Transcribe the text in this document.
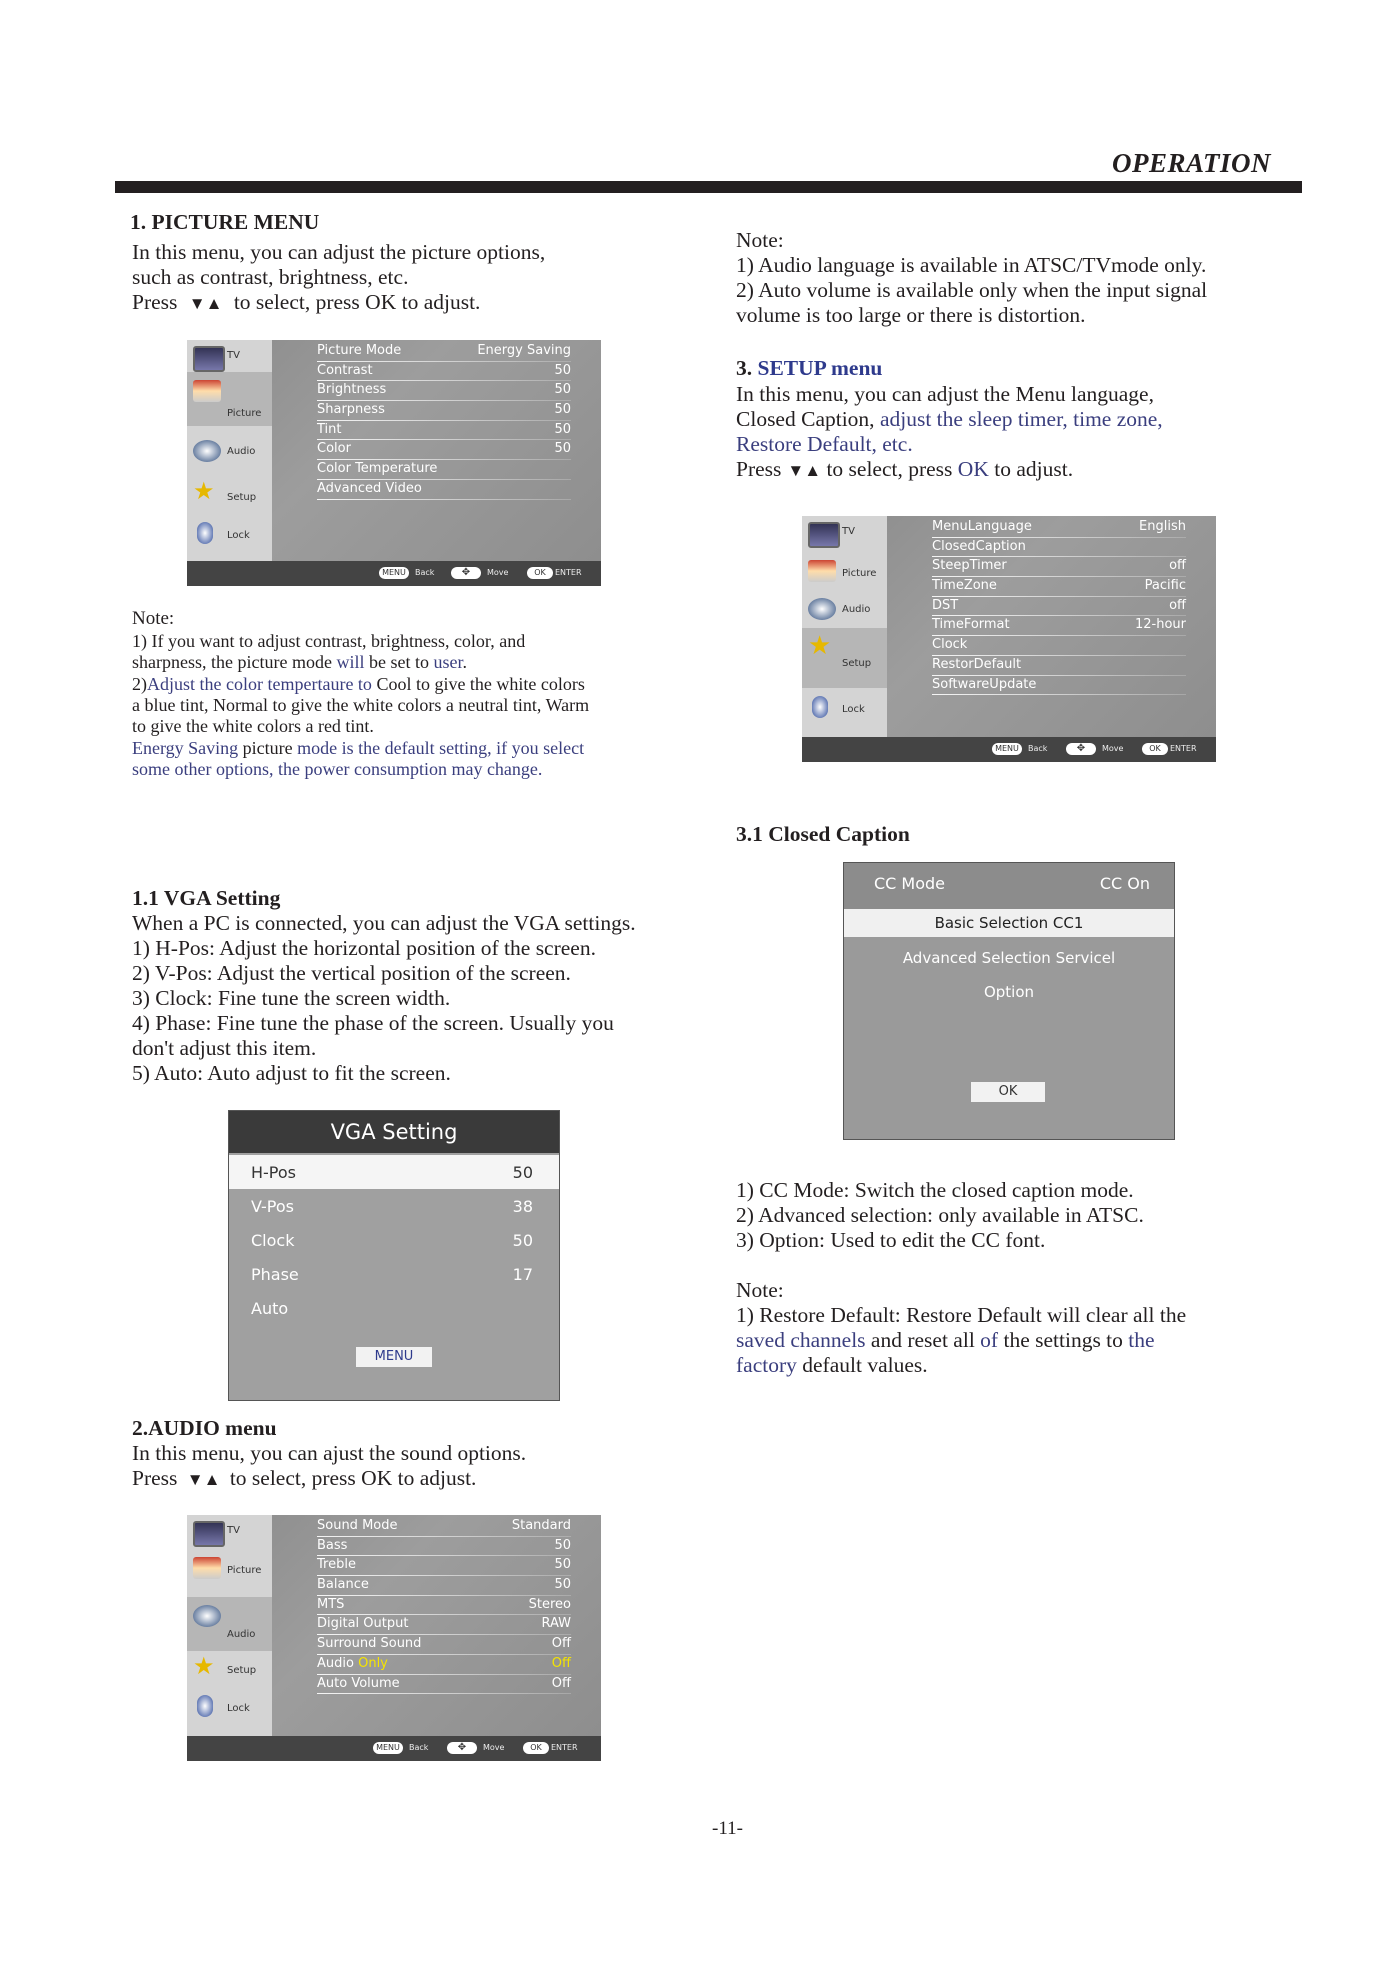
OPERATION
1. PICTURE MENU
In this menu, you can adjust the picture options,
such as contrast, brightness, etc.
Press ▼▲ to select, press OK to adjust.
TV
Picture
Audio
★	Setup
Lock
Picture Mode	Energy Saving
Contrast	50
Brightness	50
Sharpness	50
Tint	50
Color	50
Color Temperature
Advanced Video
MENU	Back	✥	Move	OK	ENTER
Note:
1) If you want to adjust contrast, brightness, color, and
sharpness, the picture mode will be set to user.
2)Adjust the color tempertaure to Cool to give the white colors
a blue tint, Normal to give the white colors a neutral tint, Warm
to give the white colors a red tint.
Energy Saving picture mode is the default setting, if you select
some other options, the power consumption may change.
1.1 VGA Setting
When a PC is connected, you can adjust the VGA settings.
1) H-Pos: Adjust the horizontal position of the screen.
2) V-Pos: Adjust the vertical position of the screen.
3) Clock: Fine tune the screen width.
4) Phase: Fine tune the phase of the screen. Usually you
don't adjust this item.
5) Auto: Auto adjust to fit the screen.
VGA Setting
H-Pos	50
V-Pos	38
Clock	50
Phase	17
Auto
MENU
2.AUDIO menu
In this menu, you can ajust the sound options.
Press ▼▲ to select, press OK to adjust.
TV
Picture
Audio
★	Setup
Lock
Sound Mode	Standard
Bass	50
Treble	50
Balance	50
MTS	Stereo
Digital Output	RAW
Surround Sound	Off
Audio Only	Off
Auto Volume	Off
MENU	Back	✥	Move	OK	ENTER
Note:
1) Audio language is available in ATSC/TVmode only.
2) Auto volume is available only when the input signal
volume is too large or there is distortion.
3. SETUP menu
In this menu, you can adjust the Menu language,
Closed Caption, adjust the sleep timer, time zone,
Restore Default, etc.
Press ▼▲ to select, press OK to adjust.
TV
Picture
Audio
★
Setup
Lock
MenuLanguage	English
ClosedCaption
SteepTimer	off
TimeZone	Pacific
DST	off
TimeFormat	12-hour
Clock
RestorDefault
SoftwareUpdate
MENU	Back	✥	Move	OK	ENTER
3.1 Closed Caption
CC Mode	CC On
Basic Selection CC1
Advanced Selection Servicel
Option
OK
1) CC Mode: Switch the closed caption mode.
2) Advanced selection: only available in ATSC.
3) Option: Used to edit the CC font.
Note:
1) Restore Default: Restore Default will clear all the
saved channels and reset all of the settings to the
factory default values.
-11-
